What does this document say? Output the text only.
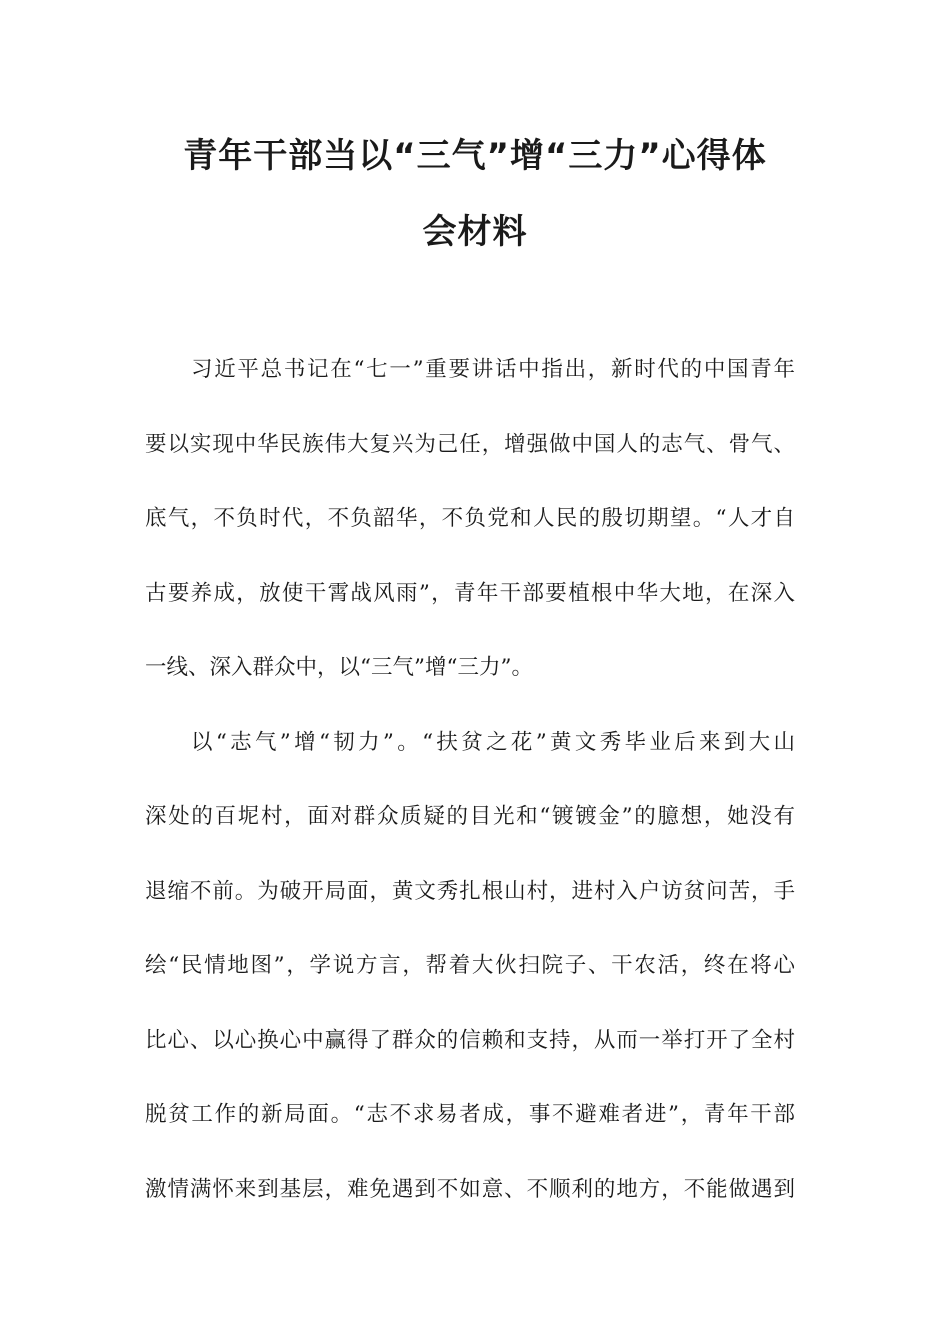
青年干部当以“三气”增“三力”心得体
会材料
习近平总书记在“七一”重要讲话中指出，新时代的中国青年
要以实现中华民族伟大复兴为己任，增强做中国人的志气、骨气、
底气，不负时代，不负韶华，不负党和人民的殷切期望。“人才自
古要养成，放使干霄战风雨”，青年干部要植根中华大地，在深入
一线、深入群众中，以“三气”增“三力”。
以“志气”增“韧力”。“扶贫之花”黄文秀毕业后来到大山
深处的百坭村，面对群众质疑的目光和“镀镀金”的臆想，她没有
退缩不前。为破开局面，黄文秀扎根山村，进村入户访贫问苦，手
绘“民情地图”，学说方言，帮着大伙扫院子、干农活，终在将心
比心、以心换心中赢得了群众的信赖和支持，从而一举打开了全村
脱贫工作的新局面。“志不求易者成，事不避难者进”，青年干部
激情满怀来到基层，难免遇到不如意、不顺利的地方，不能做遇到
